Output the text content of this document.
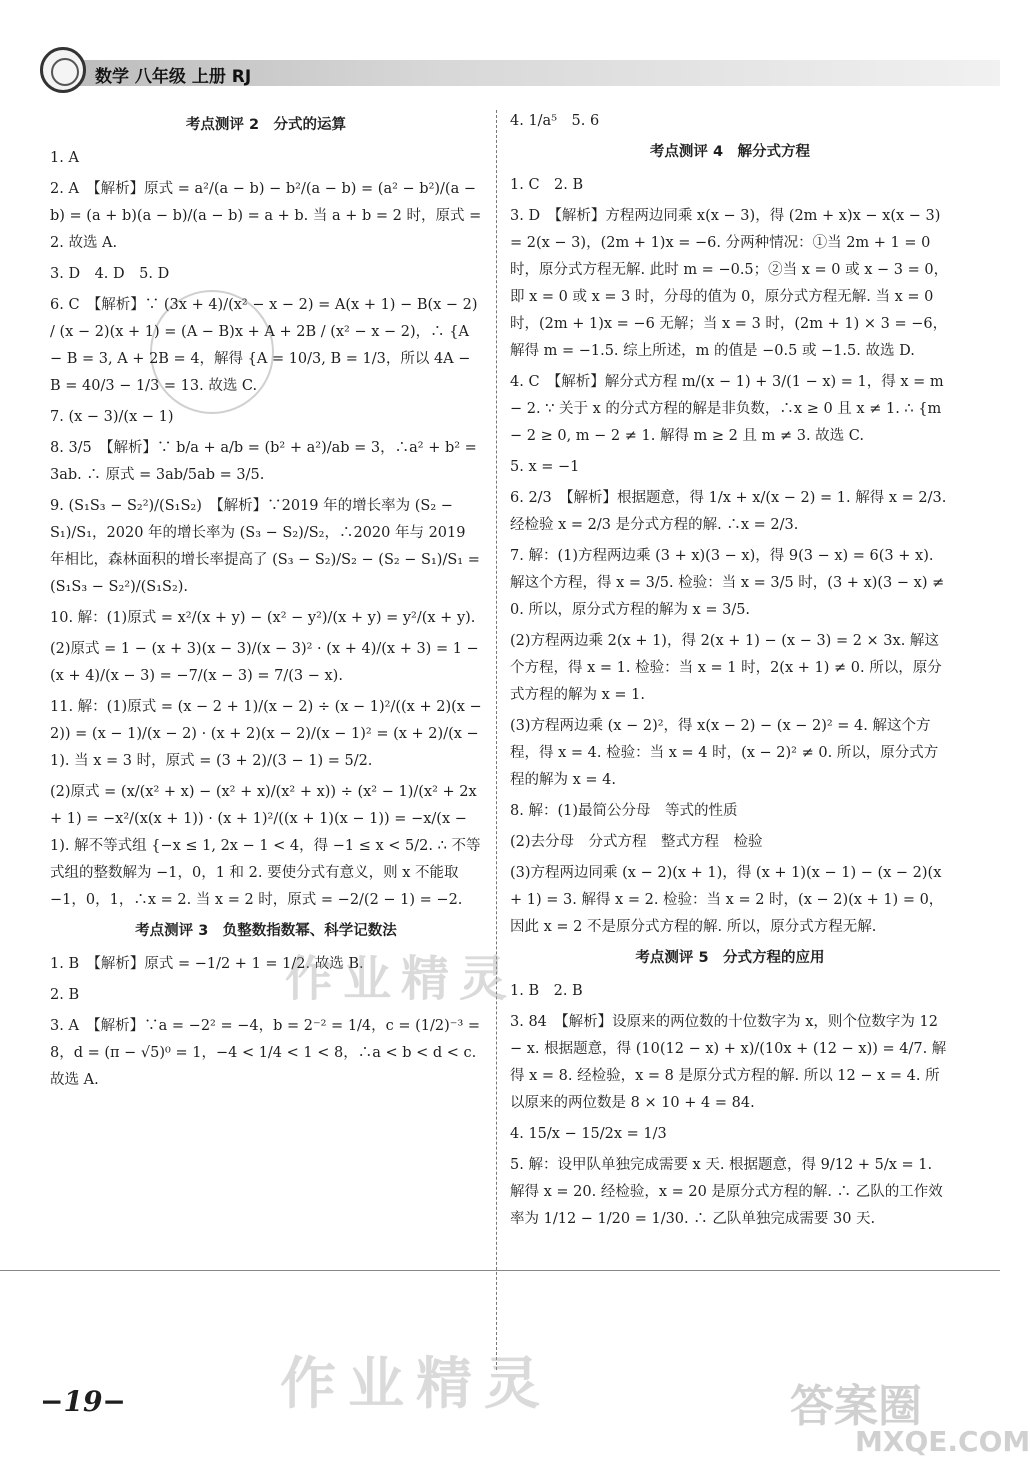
数学 八年级 上册 RJ
考点测评 2　分式的运算

1. A

2. A　【解析】原式 = a²/(a − b) − b²/(a − b) = (a² − b²)/(a − b) = (a + b)(a − b)/(a − b) = a + b. 当 a + b = 2 时，原式 = 2. 故选 A.

3. D　4. D　5. D

6. C　【解析】∵ (3x + 4)/(x² − x − 2) = A(x + 1) − B(x − 2) / (x − 2)(x + 1) = (A − B)x + A + 2B / (x² − x − 2)，∴ {A − B = 3, A + 2B = 4，解得 {A = 10/3, B = 1/3，所以 4A − B = 40/3 − 1/3 = 13. 故选 C.

7. (x − 3)/(x − 1)

8. 3/5　【解析】∵ b/a + a/b = (b² + a²)/ab = 3，∴a² + b² = 3ab. ∴ 原式 = 3ab/5ab = 3/5.

9. (S₁S₃ − S₂²)/(S₁S₂)　【解析】∵2019 年的增长率为 (S₂ − S₁)/S₁，2020 年的增长率为 (S₃ − S₂)/S₂，∴2020 年与 2019 年相比，森林面积的增长率提高了 (S₃ − S₂)/S₂ − (S₂ − S₁)/S₁ = (S₁S₃ − S₂²)/(S₁S₂).

10. 解：(1)原式 = x²/(x + y) − (x² − y²)/(x + y) = y²/(x + y).

(2)原式 = 1 − (x + 3)(x − 3)/(x − 3)² · (x + 4)/(x + 3) = 1 − (x + 4)/(x − 3) = −7/(x − 3) = 7/(3 − x).

11. 解：(1)原式 = (x − 2 + 1)/(x − 2) ÷ (x − 1)²/((x + 2)(x − 2)) = (x − 1)/(x − 2) · (x + 2)(x − 2)/(x − 1)² = (x + 2)/(x − 1). 当 x = 3 时，原式 = (3 + 2)/(3 − 1) = 5/2.

(2)原式 = (x/(x² + x) − (x² + x)/(x² + x)) ÷ (x² − 1)/(x² + 2x + 1) = −x²/(x(x + 1)) · (x + 1)²/((x + 1)(x − 1)) = −x/(x − 1). 解不等式组 {−x ≤ 1, 2x − 1 < 4，得 −1 ≤ x < 5/2. ∴ 不等式组的整数解为 −1，0，1 和 2. 要使分式有意义，则 x 不能取 −1，0，1，∴x = 2. 当 x = 2 时，原式 = −2/(2 − 1) = −2.

考点测评 3　负整数指数幂、科学记数法

1. B　【解析】原式 = −1/2 + 1 = 1/2. 故选 B.

2. B

3. A　【解析】∵a = −2² = −4，b = 2⁻² = 1/4，c = (1/2)⁻³ = 8，d = (π − √5)⁰ = 1，−4 < 1/4 < 1 < 8，∴a < b < d < c. 故选 A.

4. 1/a⁵　5. 6

考点测评 4　解分式方程

1. C　2. B

3. D　【解析】方程两边同乘 x(x − 3)，得 (2m + x)x − x(x − 3) = 2(x − 3)，(2m + 1)x = −6. 分两种情况：①当 2m + 1 = 0 时，原分式方程无解. 此时 m = −0.5；②当 x = 0 或 x − 3 = 0，即 x = 0 或 x = 3 时，分母的值为 0，原分式方程无解. 当 x = 0 时，(2m + 1)x = −6 无解；当 x = 3 时，(2m + 1) × 3 = −6，解得 m = −1.5. 综上所述，m 的值是 −0.5 或 −1.5. 故选 D.

4. C　【解析】解分式方程 m/(x − 1) + 3/(1 − x) = 1，得 x = m − 2. ∵ 关于 x 的分式方程的解是非负数，∴x ≥ 0 且 x ≠ 1. ∴ {m − 2 ≥ 0, m − 2 ≠ 1. 解得 m ≥ 2 且 m ≠ 3. 故选 C.

5. x = −1

6. 2/3　【解析】根据题意，得 1/x + x/(x − 2) = 1. 解得 x = 2/3. 经检验 x = 2/3 是分式方程的解. ∴x = 2/3.

7. 解：(1)方程两边乘 (3 + x)(3 − x)，得 9(3 − x) = 6(3 + x). 解这个方程，得 x = 3/5. 检验：当 x = 3/5 时，(3 + x)(3 − x) ≠ 0. 所以，原分式方程的解为 x = 3/5.

(2)方程两边乘 2(x + 1)，得 2(x + 1) − (x − 3) = 2 × 3x. 解这个方程，得 x = 1. 检验：当 x = 1 时，2(x + 1) ≠ 0. 所以，原分式方程的解为 x = 1.

(3)方程两边乘 (x − 2)²，得 x(x − 2) − (x − 2)² = 4. 解这个方程，得 x = 4. 检验：当 x = 4 时，(x − 2)² ≠ 0. 所以，原分式方程的解为 x = 4.

8. 解：(1)最简公分母　等式的性质

(2)去分母　分式方程　整式方程　检验

(3)方程两边同乘 (x − 2)(x + 1)，得 (x + 1)(x − 1) − (x − 2)(x + 1) = 3. 解得 x = 2. 检验：当 x = 2 时，(x − 2)(x + 1) = 0，因此 x = 2 不是原分式方程的解. 所以，原分式方程无解.

考点测评 5　分式方程的应用

1. B　2. B

3. 84　【解析】设原来的两位数的十位数字为 x，则个位数字为 12 − x. 根据题意，得 (10(12 − x) + x)/(10x + (12 − x)) = 4/7. 解得 x = 8. 经检验，x = 8 是原分式方程的解. 所以 12 − x = 4. 所以原来的两位数是 8 × 10 + 4 = 84.

4. 15/x − 15/2x = 1/3

5. 解：设甲队单独完成需要 x 天. 根据题意，得 9/12 + 5/x = 1. 解得 x = 20. 经检验，x = 20 是原分式方程的解. ∴ 乙队的工作效率为 1/12 − 1/20 = 1/30. ∴ 乙队单独完成需要 30 天.

−19−
作业精灵
作业精灵	答案圈
MXQE.COM
